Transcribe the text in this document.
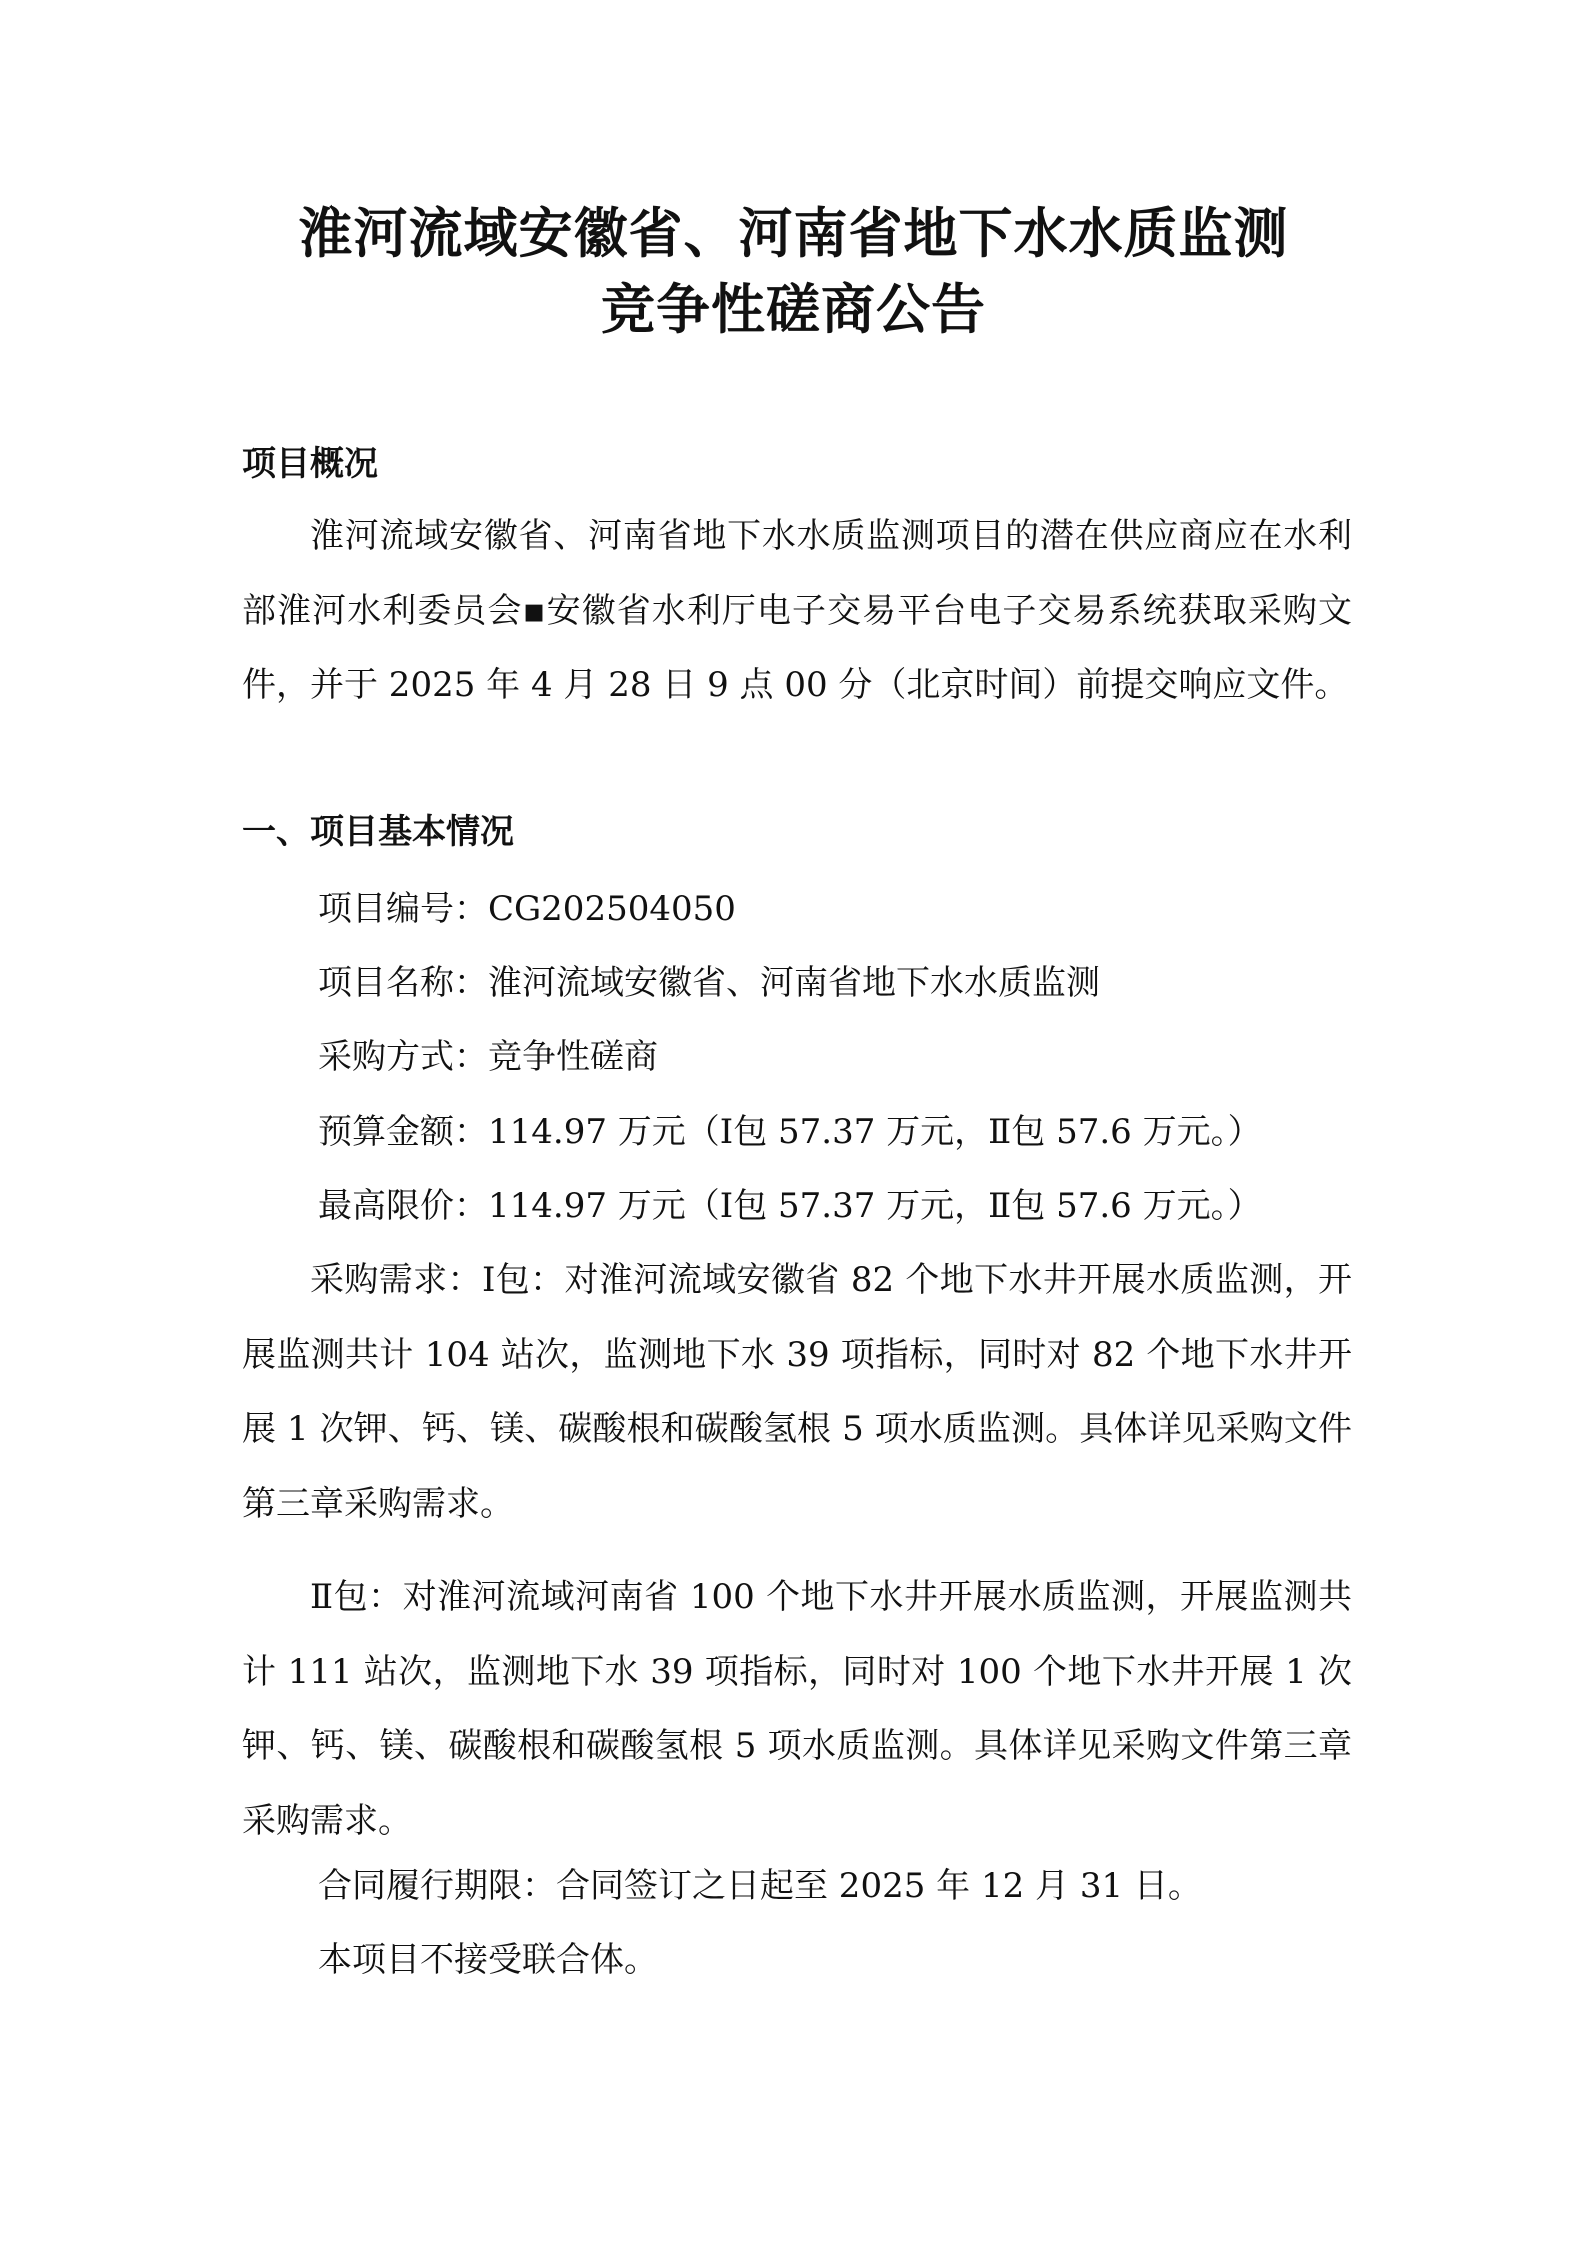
淮河流域安徽省、河南省地下水水质监测
竞争性磋商公告
项目概况

淮河流域安徽省、河南省地下水水质监测项目的潜在供应商应在水利部淮河水利委员会▪安徽省水利厅电子交易平台电子交易系统获取采购文件，并于 2025 年 4 月 28 日 9 点 00 分（北京时间）前提交响应文件。

一、项目基本情况
项目编号：CG202504050
项目名称：淮河流域安徽省、河南省地下水水质监测
采购方式：竞争性磋商
预算金额：114.97 万元（Ⅰ包 57.37 万元，Ⅱ包 57.6 万元。）
最高限价：114.97 万元（Ⅰ包 57.37 万元，Ⅱ包 57.6 万元。）

采购需求：Ⅰ包：对淮河流域安徽省 82 个地下水井开展水质监测，开展监测共计 104 站次，监测地下水 39 项指标，同时对 82 个地下水井开展 1 次钾、钙、镁、碳酸根和碳酸氢根 5 项水质监测。具体详见采购文件第三章采购需求。

Ⅱ包：对淮河流域河南省 100 个地下水井开展水质监测，开展监测共计 111 站次，监测地下水 39 项指标，同时对 100 个地下水井开展 1 次钾、钙、镁、碳酸根和碳酸氢根 5 项水质监测。具体详见采购文件第三章采购需求。

合同履行期限：合同签订之日起至 2025 年 12 月 31 日。
本项目不接受联合体。
